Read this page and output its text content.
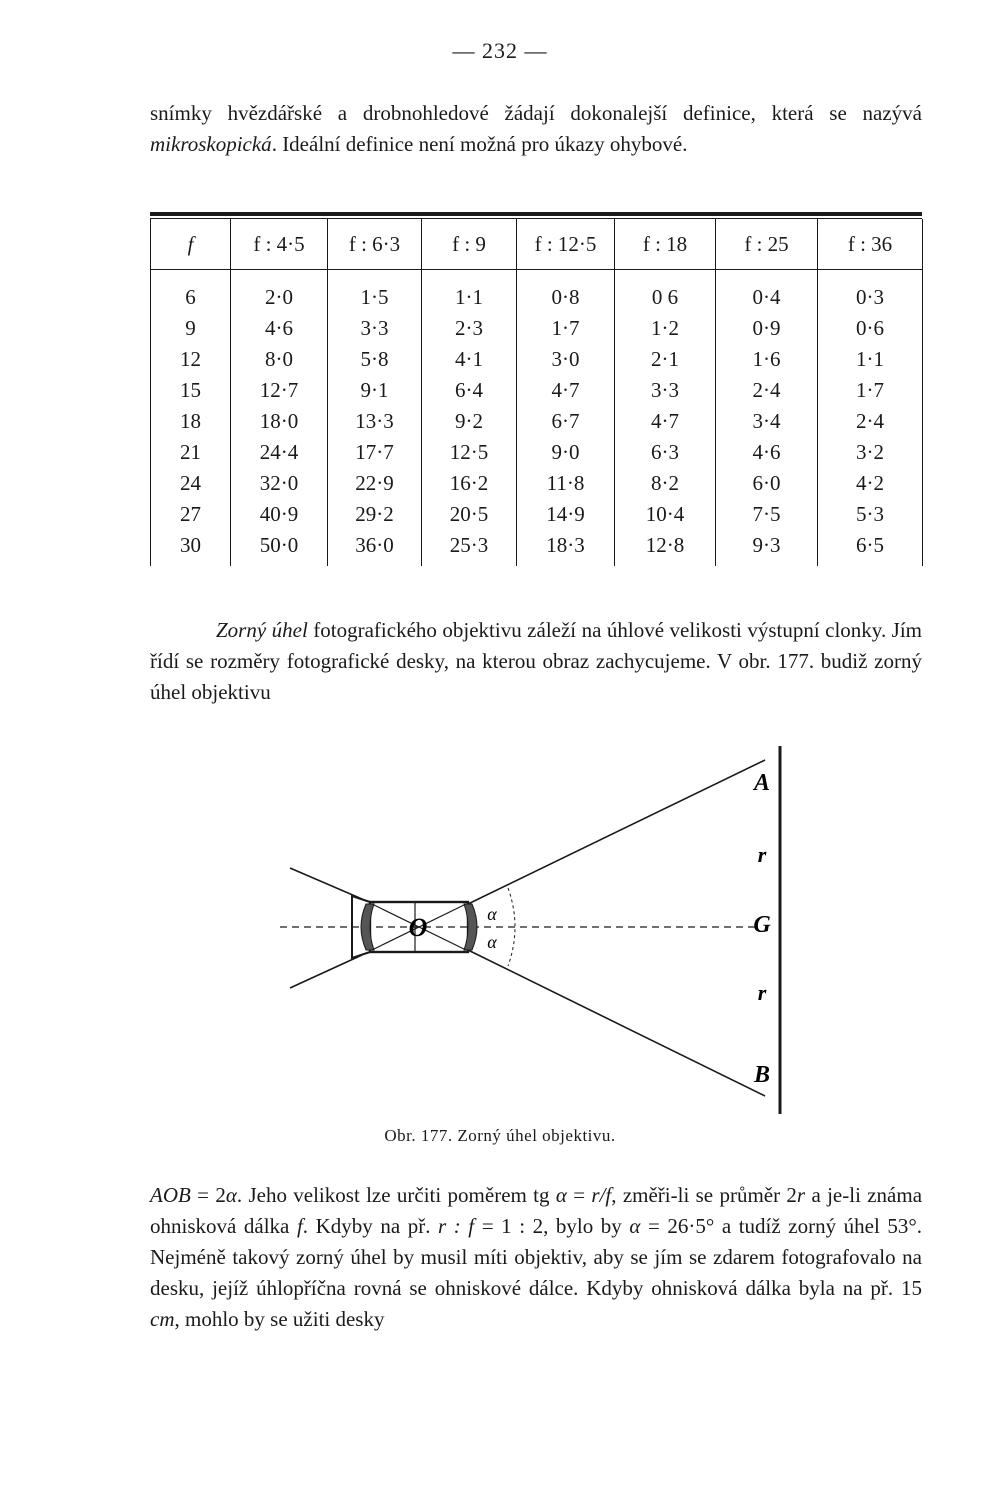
— 232 —

snímky hvězdářské a drobnohledové žádají dokonalejší definice, která se nazývá mikroskopická. Ideální definice není možná pro úkazy ohybové.

f	f : 4·5	f : 6·3	f : 9	f : 12·5	f : 18	f : 25	f : 36
6	2·0	1·5	1·1	0·8	0 6	0·4	0·3
9	4·6	3·3	2·3	1·7	1·2	0·9	0·6
12	8·0	5·8	4·1	3·0	2·1	1·6	1·1
15	12·7	9·1	6·4	4·7	3·3	2·4	1·7
18	18·0	13·3	9·2	6·7	4·7	3·4	2·4
21	24·4	17·7	12·5	9·0	6·3	4·6	3·2
24	32·0	22·9	16·2	11·8	8·2	6·0	4·2
27	40·9	29·2	20·5	14·9	10·4	7·5	5·3
30	50·0	36·0	25·3	18·3	12·8	9·3	6·5

Zorný úhel fotografického objektivu záleží na úhlové velikosti výstupní clonky. Jím řídí se rozměry fotografické desky, na kterou obraz zachycujeme. V obr. 177. budiž zorný úhel objektivu

O	α
α
A
r
G
r
B
Obr. 177. Zorný úhel objektivu.

AOB = 2α. Jeho velikost lze určiti poměrem tg α = r/f, změři-li se průměr 2r a je-li známa ohnisková dálka f. Kdyby na př. r : f = 1 : 2, bylo by α = 26·5° a tudíž zorný úhel 53°. Nejméně takový zorný úhel by musil míti objektiv, aby se jím se zdarem fotografovalo na desku, jejíž úhlopříčna rovná se ohniskové dálce. Kdyby ohnisková dálka byla na př. 15 cm, mohlo by se užiti desky
